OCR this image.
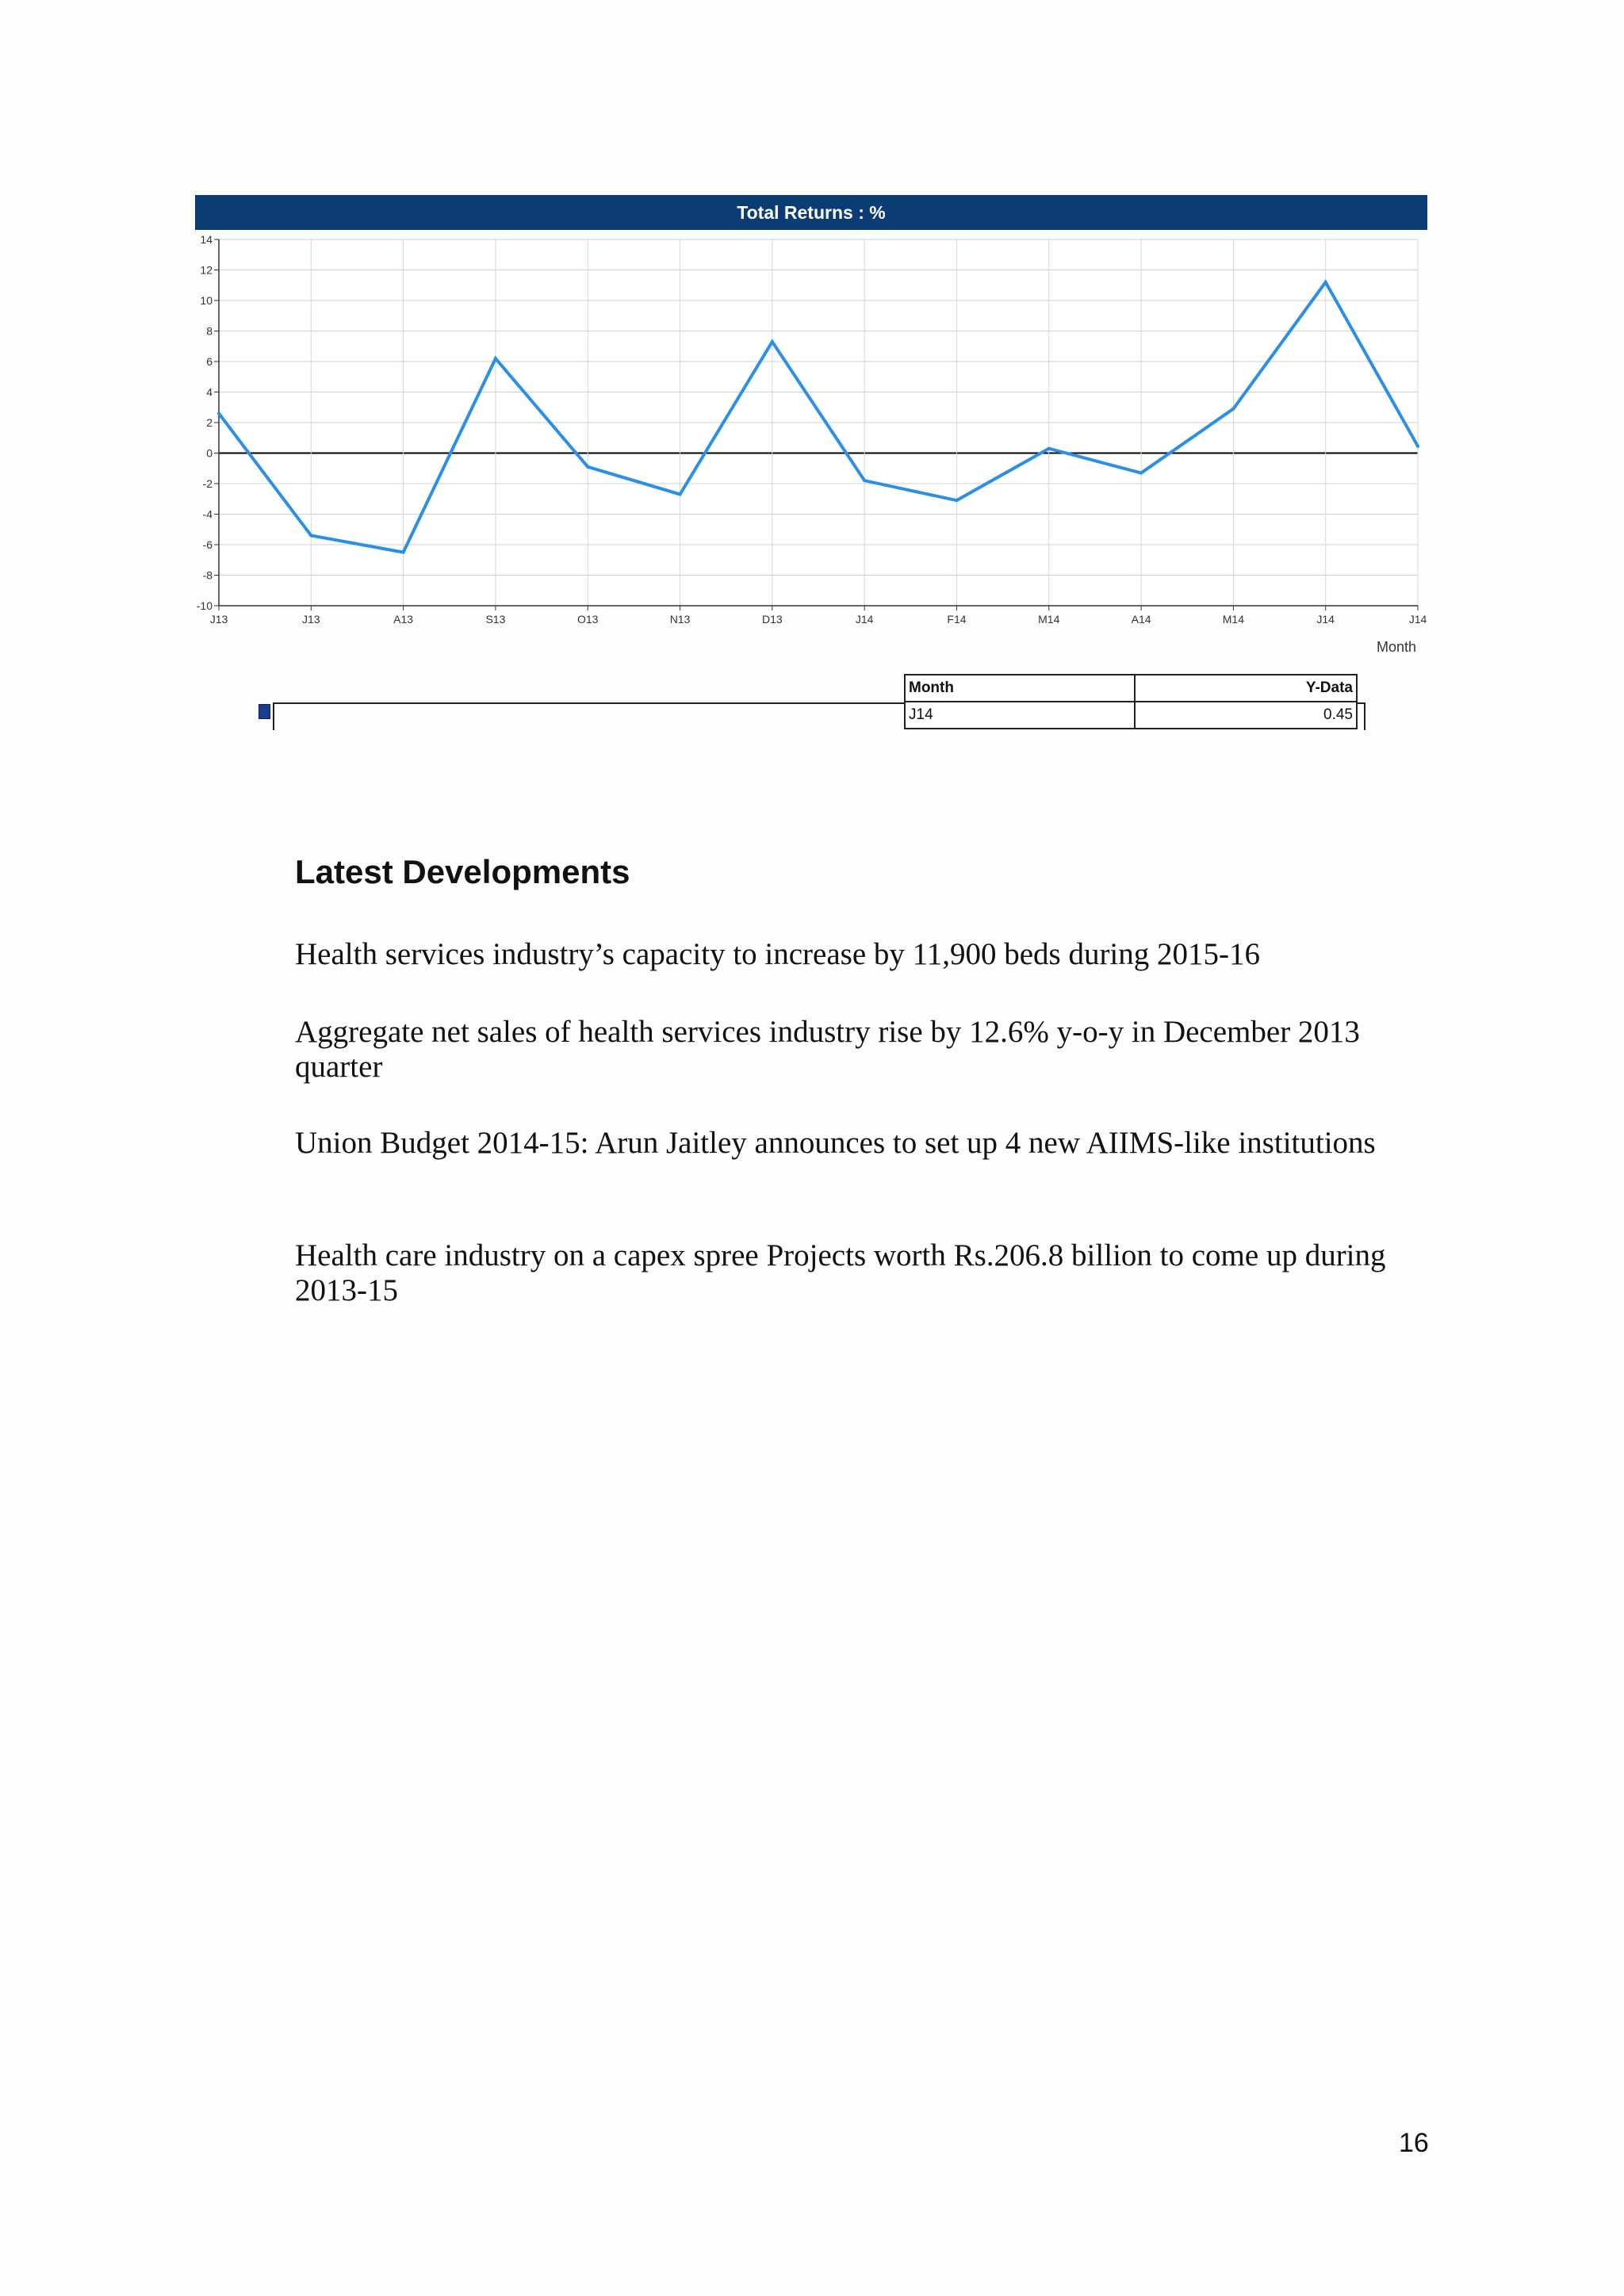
Total Returns : %
14
12
10
8
6
4
2
0
-2
-4
-6
-8
-10
J13	J13	A13	S13	O13	N13	D13	J14	F14	M14	A14	M14	J14	J14
Month
Month	Y-Data
J14	0.45
Latest Developments

Health services industry’s capacity to increase by 11,900 beds during 2015-16

Aggregate net sales of health services industry rise by 12.6% y-o-y in December 2013 quarter

Union Budget 2014-15: Arun Jaitley announces to set up 4 new AIIMS-like institutions

Health care industry on a capex spree Projects worth Rs.206.8 billion to come up during 2013-15

16
